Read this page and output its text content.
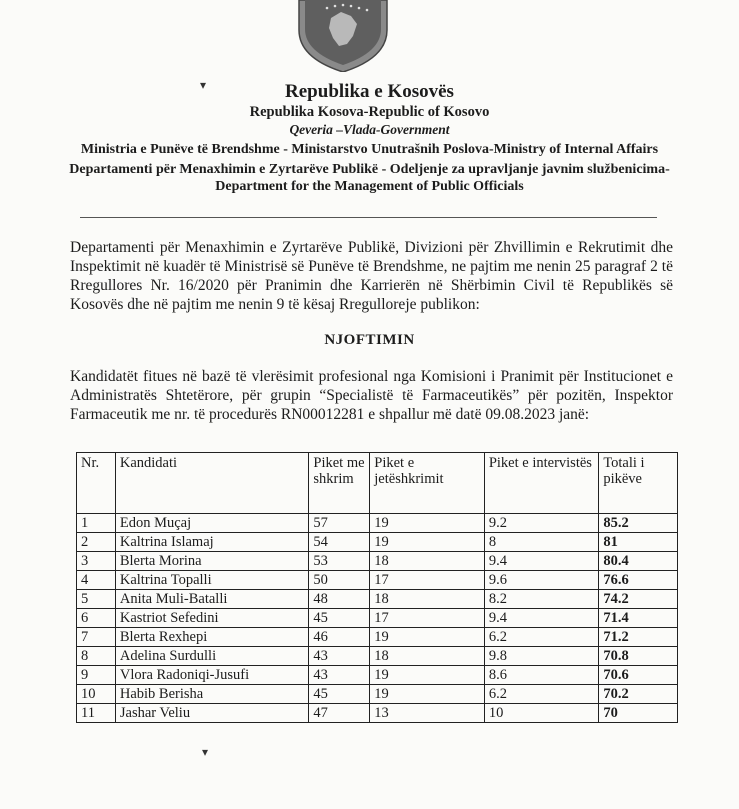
Republika e Kosovës
Republika Kosova-Republic of Kosovo
Qeveria –Vlada-Government
Ministria e Punëve të Brendshme - Ministarstvo Unutrašnih Poslova-Ministry of Internal Affairs
Departamenti për Menaxhimin e Zyrtarëve Publikë - Odeljenje za upravljanje javnim službenicima- Department for the Management of Public Officials
Departamenti për Menaxhimin e Zyrtarëve Publikë, Divizioni për Zhvillimin e Rekrutimit dhe Inspektimit në kuadër të Ministrisë së Punëve të Brendshme, ne pajtim me nenin 25 paragraf 2 të Rregullores Nr. 16/2020 për Pranimin dhe Karrierën në Shërbimin Civil të Republikës së Kosovës dhe në pajtim me nenin 9 të kësaj Rregulloreje publikon:
NJOFTIMIN
Kandidatët fitues në bazë të vlerësimit profesional nga Komisioni i Pranimit për Institucionet e Administratës Shtetërore, për grupin “Specialistë të Farmaceutikës” për pozitën, Inspektor Farmaceutik me nr. të procedurës RN00012281 e shpallur më datë 09.08.2023 janë:
Nr.	Kandidati	Piket me shkrim	Piket e jetëshkrimit	Piket e intervistës	Totali i pikëve
1	Edon Muçaj	57	19	9.2	85.2
2	Kaltrina Islamaj	54	19	8	81
3	Blerta Morina	53	18	9.4	80.4
4	Kaltrina Topalli	50	17	9.6	76.6
5	Anita Muli-Batalli	48	18	8.2	74.2
6	Kastriot Sefedini	45	17	9.4	71.4
7	Blerta Rexhepi	46	19	6.2	71.2
8	Adelina Surdulli	43	18	9.8	70.8
9	Vlora Radoniqi-Jusufi	43	19	8.6	70.6
10	Habib Berisha	45	19	6.2	70.2
11	Jashar Veliu	47	13	10	70
▾
▾
